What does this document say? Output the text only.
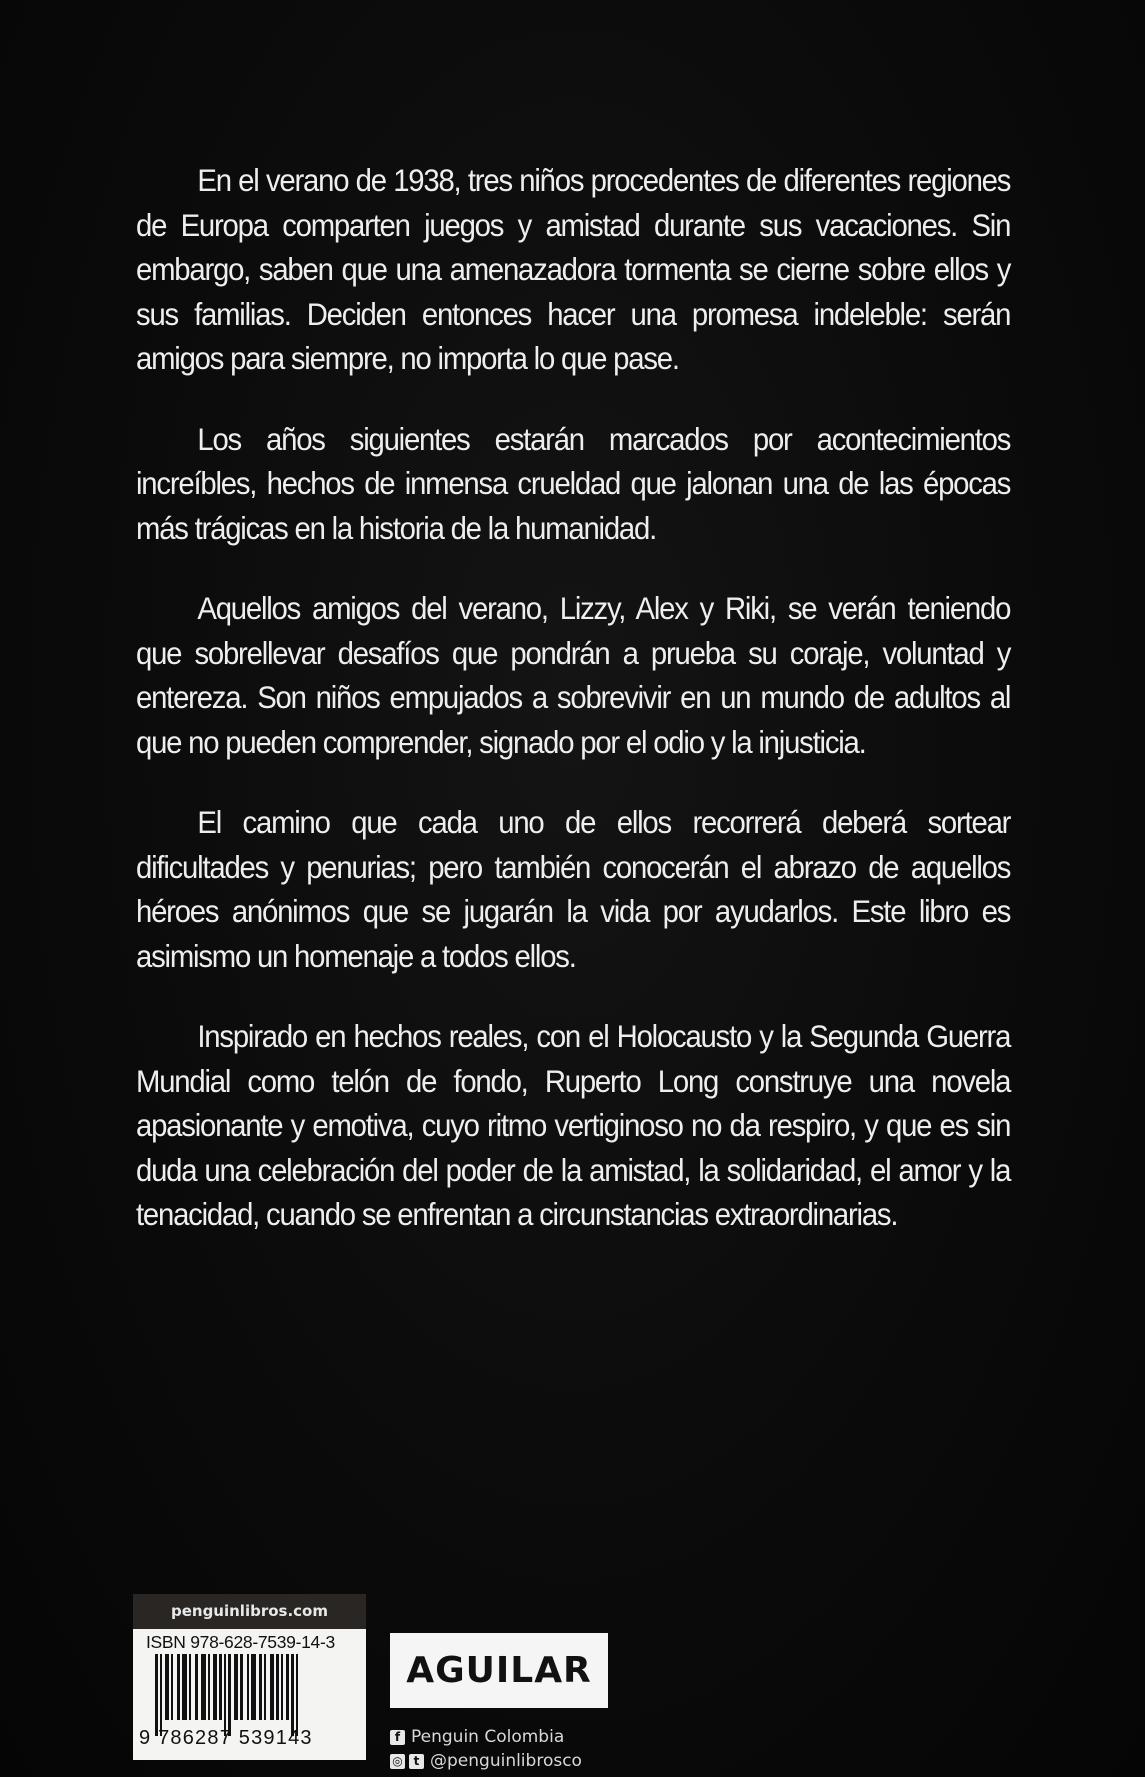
En el verano de 1938, tres niños procedentes de diferentes regiones de Europa comparten juegos y amistad durante sus vacaciones. Sin embargo, saben que una amenazadora tormenta se cierne sobre ellos y sus familias. Deciden entonces hacer una promesa indeleble: serán amigos para siempre, no importa lo que pase.

Los años siguientes estarán marcados por acontecimientos increíbles, hechos de inmensa crueldad que jalonan una de las épocas más trágicas en la historia de la humanidad.

Aquellos amigos del verano, Lizzy, Alex y Riki, se verán teniendo que sobrellevar desafíos que pondrán a prueba su coraje, voluntad y entereza. Son niños empujados a sobrevivir en un mundo de adultos al que no pueden comprender, signado por el odio y la injusticia.

El camino que cada uno de ellos recorrerá deberá sortear dificultades y penurias; pero también conocerán el abrazo de aquellos héroes anónimos que se jugarán la vida por ayudarlos. Este libro es asimismo un homenaje a todos ellos.

Inspirado en hechos reales, con el Holocausto y la Segunda Guerra Mundial como telón de fondo, Ruperto Long construye una novela apasionante y emotiva, cuyo ritmo vertiginoso no da respiro, y que es sin duda una celebración del poder de la amistad, la solidaridad, el amor y la tenacidad, cuando se enfrentan a circunstancias extraordinarias.

penguinlibros.com
ISBN 978-628-7539-14-3
9 786287 539143
AGUILAR
f Penguin Colombia
◎ t @penguinlibrosco
